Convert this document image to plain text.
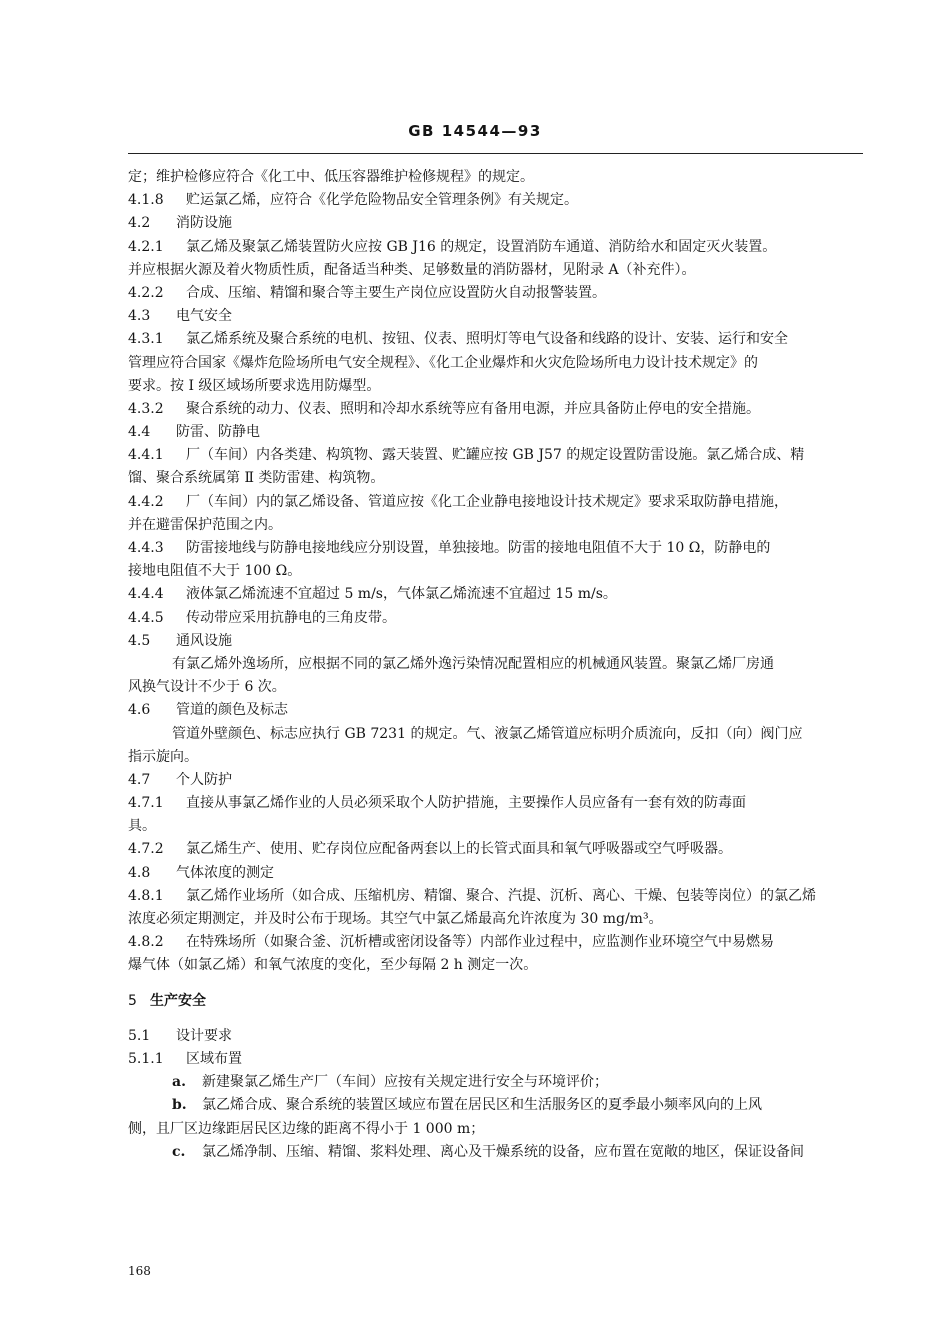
GB 14544—93
定；维护检修应符合《化工中、低压容器维护检修规程》的规定。
4.1.8 贮运氯乙烯，应符合《化学危险物品安全管理条例》有关规定。
4.2 消防设施
4.2.1 氯乙烯及聚氯乙烯装置防火应按 GB J16 的规定，设置消防车通道、消防给水和固定灭火装置。
并应根据火源及着火物质性质，配备适当种类、足够数量的消防器材，见附录 A（补充件）。
4.2.2 合成、压缩、精馏和聚合等主要生产岗位应设置防火自动报警装置。
4.3 电气安全
4.3.1 氯乙烯系统及聚合系统的电机、按钮、仪表、照明灯等电气设备和线路的设计、安装、运行和安全
管理应符合国家《爆炸危险场所电气安全规程》、《化工企业爆炸和火灾危险场所电力设计技术规定》的
要求。按 Ⅰ 级区域场所要求选用防爆型。
4.3.2 聚合系统的动力、仪表、照明和冷却水系统等应有备用电源，并应具备防止停电的安全措施。
4.4 防雷、防静电
4.4.1 厂（车间）内各类建、构筑物、露天装置、贮罐应按 GB J57 的规定设置防雷设施。氯乙烯合成、精
馏、聚合系统属第 Ⅱ 类防雷建、构筑物。
4.4.2 厂（车间）内的氯乙烯设备、管道应按《化工企业静电接地设计技术规定》要求采取防静电措施，
并在避雷保护范围之内。
4.4.3 防雷接地线与防静电接地线应分别设置，单独接地。防雷的接地电阻值不大于 10 Ω，防静电的
接地电阻值不大于 100 Ω。
4.4.4 液体氯乙烯流速不宜超过 5 m/s，气体氯乙烯流速不宜超过 15 m/s。
4.4.5 传动带应采用抗静电的三角皮带。
4.5 通风设施
有氯乙烯外逸场所，应根据不同的氯乙烯外逸污染情况配置相应的机械通风装置。聚氯乙烯厂房通
风换气设计不少于 6 次。
4.6 管道的颜色及标志
管道外壁颜色、标志应执行 GB 7231 的规定。气、液氯乙烯管道应标明介质流向，反扣（向）阀门应
指示旋向。
4.7 个人防护
4.7.1 直接从事氯乙烯作业的人员必须采取个人防护措施，主要操作人员应备有一套有效的防毒面
具。
4.7.2 氯乙烯生产、使用、贮存岗位应配备两套以上的长管式面具和氧气呼吸器或空气呼吸器。
4.8 气体浓度的测定
4.8.1 氯乙烯作业场所（如合成、压缩机房、精馏、聚合、汽提、沉析、离心、干燥、包装等岗位）的氯乙烯
浓度必须定期测定，并及时公布于现场。其空气中氯乙烯最高允许浓度为 30 mg/m³。
4.8.2 在特殊场所（如聚合釜、沉析槽或密闭设备等）内部作业过程中，应监测作业环境空气中易燃易
爆气体（如氯乙烯）和氧气浓度的变化，至少每隔 2 h 测定一次。
5 生产安全
5.1 设计要求
5.1.1 区域布置
a. 新建聚氯乙烯生产厂（车间）应按有关规定进行安全与环境评价；
b. 氯乙烯合成、聚合系统的装置区域应布置在居民区和生活服务区的夏季最小频率风向的上风
侧，且厂区边缘距居民区边缘的距离不得小于 1 000 m；
c. 氯乙烯净制、压缩、精馏、浆料处理、离心及干燥系统的设备，应布置在宽敞的地区，保证设备间
168
